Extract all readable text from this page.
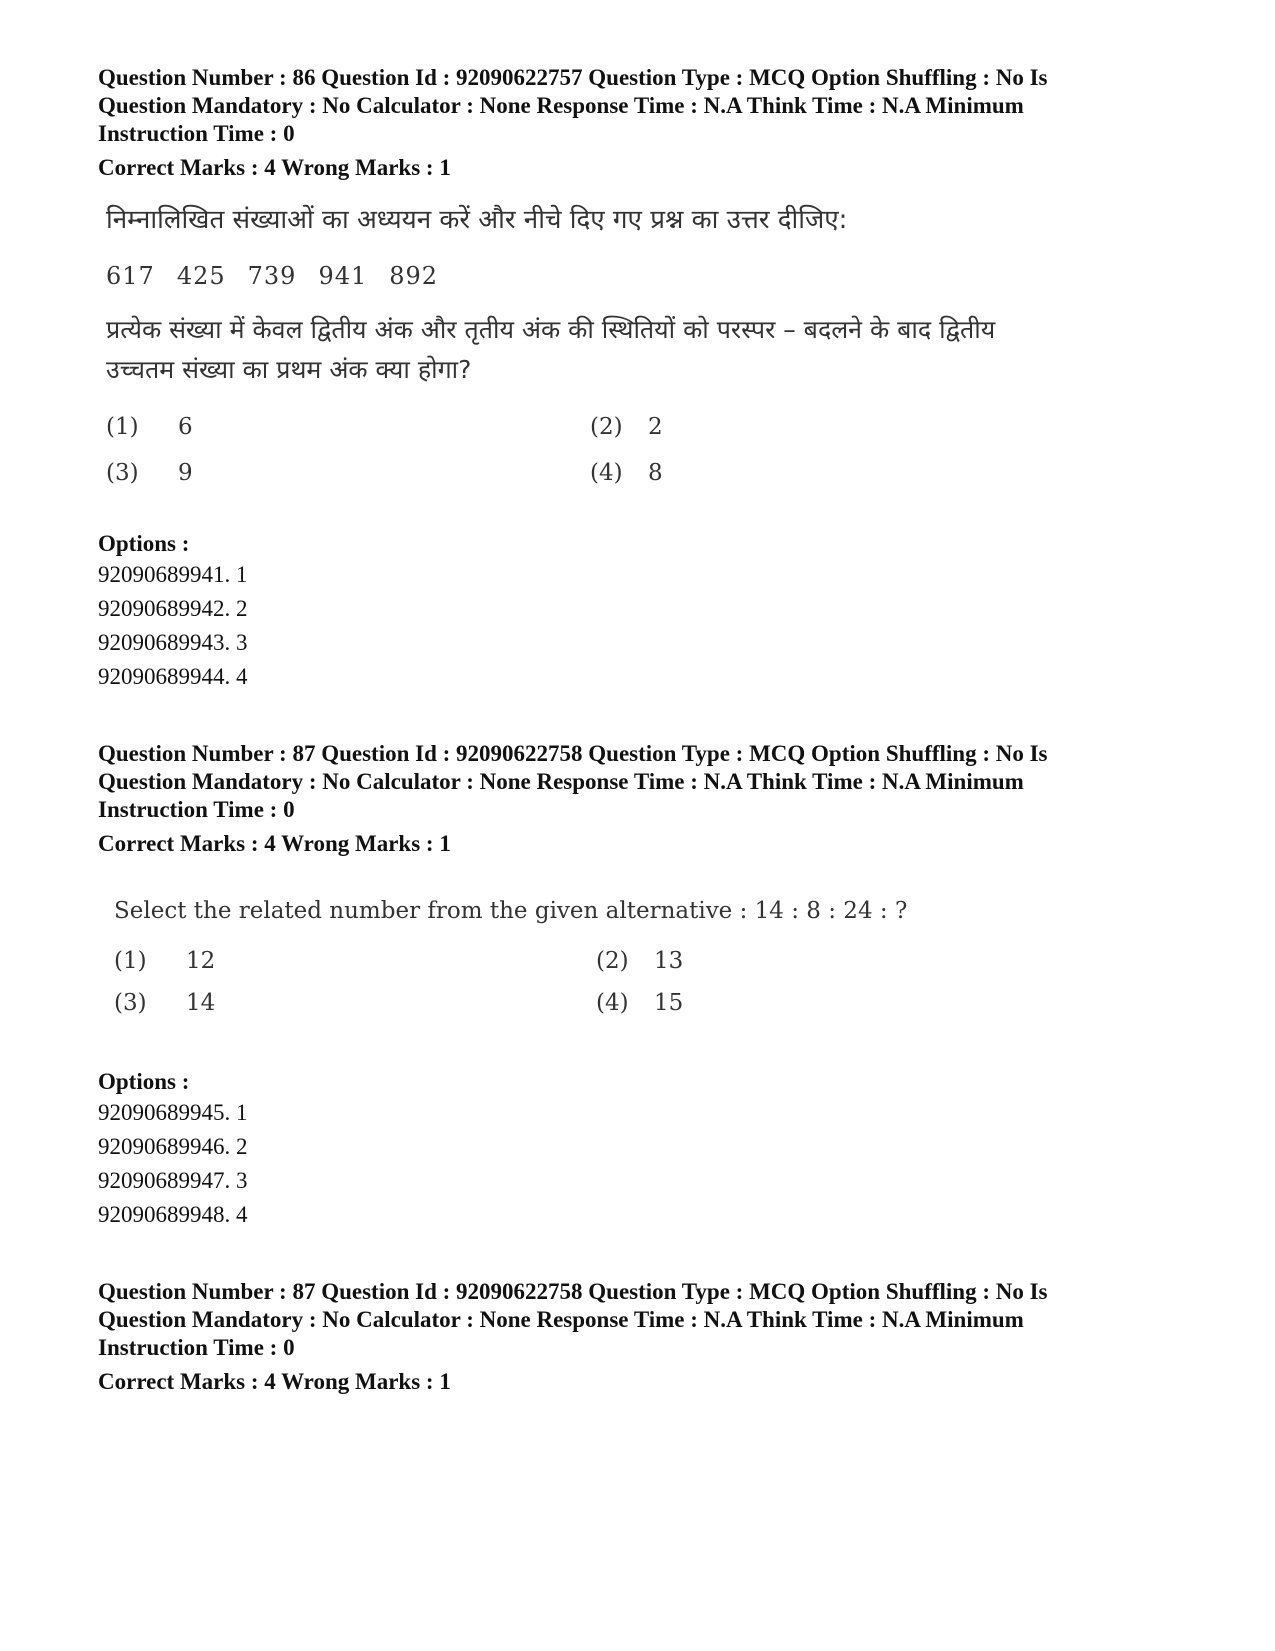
Question Number : 86 Question Id : 92090622757 Question Type : MCQ Option Shuffling : No Is
Question Mandatory : No Calculator : None Response Time : N.A Think Time : N.A Minimum
Instruction Time : 0
Correct Marks : 4 Wrong Marks : 1
निम्नालिखित संख्याओं का अध्ययन करें और नीचे दिए गए प्रश्न का उत्तर दीजिए:
617 425 739 941 892
प्रत्येक संख्या में केवल द्वितीय अंक और तृतीय अंक की स्थितियों को परस्पर – बदलने के बाद द्वितीय
उच्चतम संख्या का प्रथम अंक क्या होगा?
(1) 6	(2) 2
(3) 9	(4) 8
Options :
92090689941. 1
92090689942. 2
92090689943. 3
92090689944. 4
Question Number : 87 Question Id : 92090622758 Question Type : MCQ Option Shuffling : No Is
Question Mandatory : No Calculator : None Response Time : N.A Think Time : N.A Minimum
Instruction Time : 0
Correct Marks : 4 Wrong Marks : 1
Select the related number from the given alternative : 14 : 8 : 24 : ?
(1) 12	(2) 13
(3) 14	(4) 15
Options :
92090689945. 1
92090689946. 2
92090689947. 3
92090689948. 4
Question Number : 87 Question Id : 92090622758 Question Type : MCQ Option Shuffling : No Is
Question Mandatory : No Calculator : None Response Time : N.A Think Time : N.A Minimum
Instruction Time : 0
Correct Marks : 4 Wrong Marks : 1
